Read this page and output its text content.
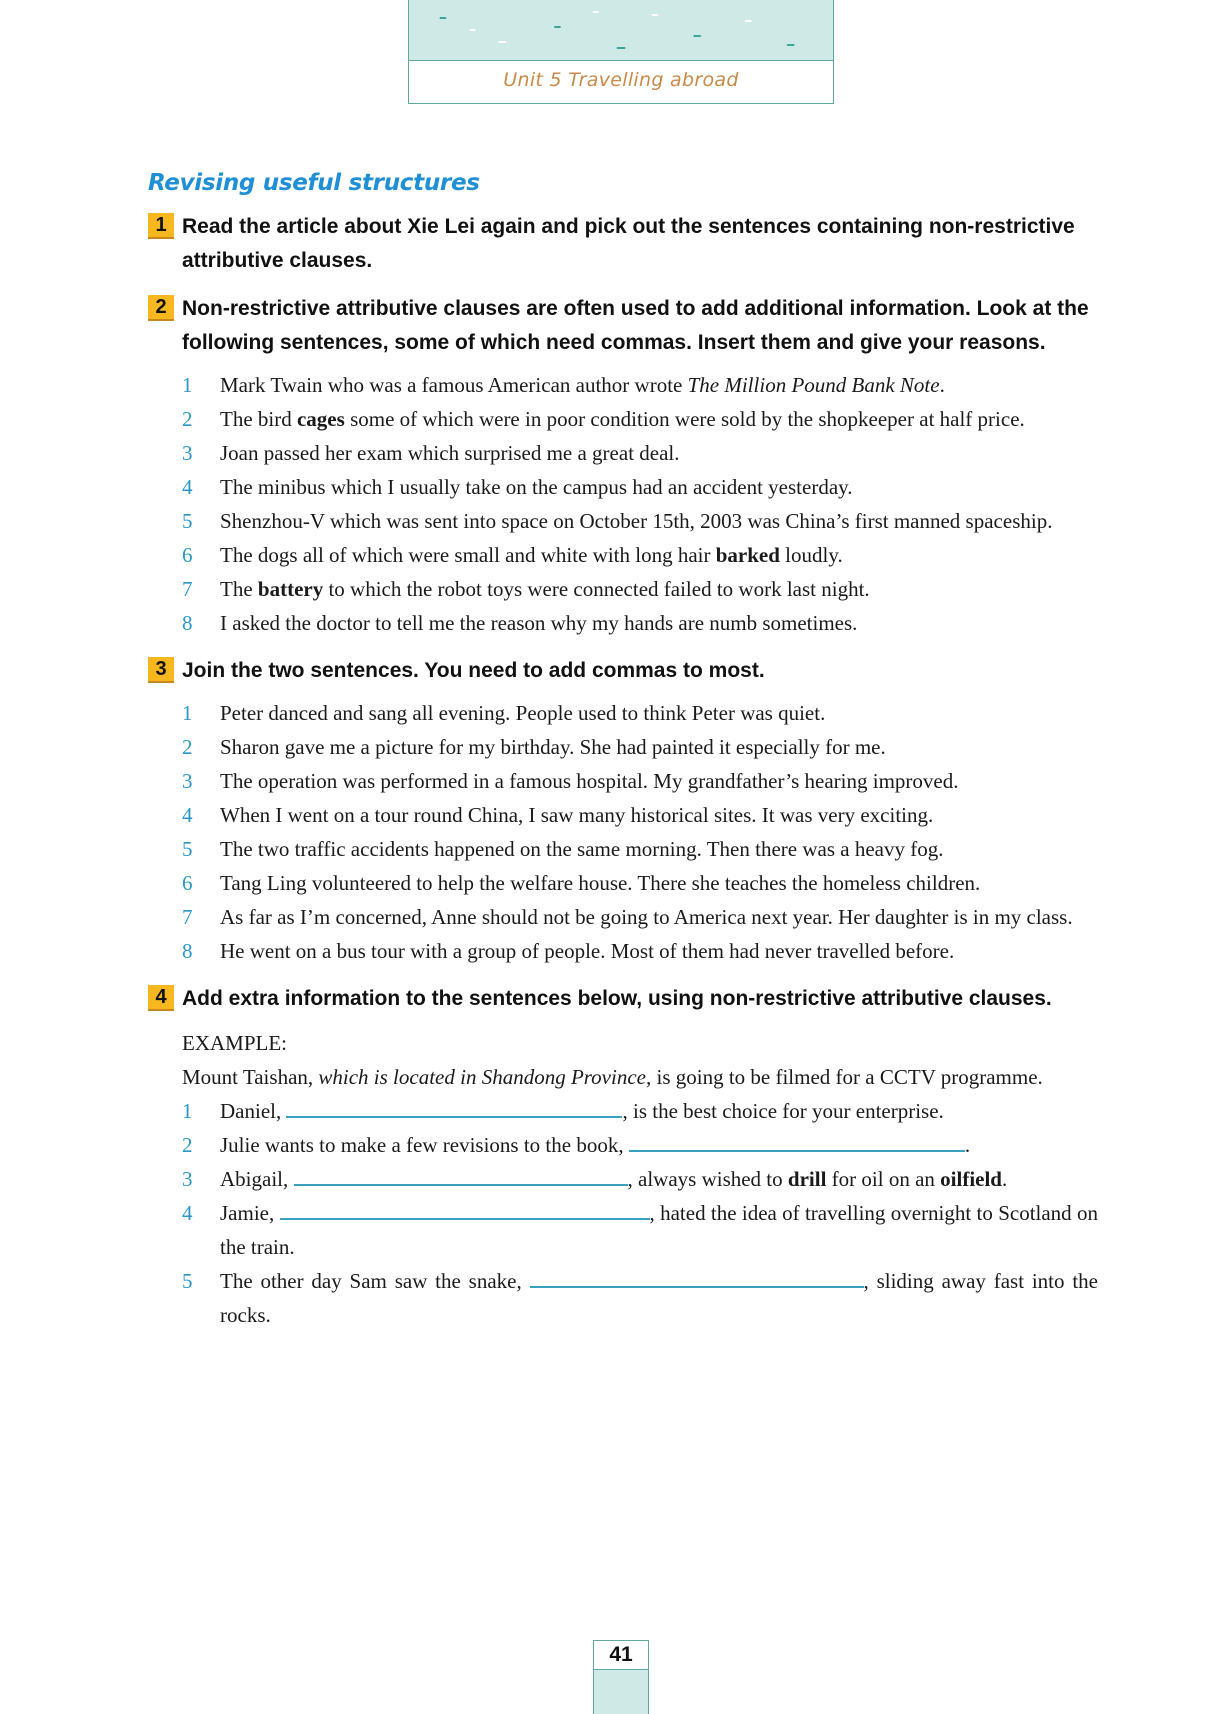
Unit 5 Travelling abroad
Revising useful structures
1 Read the article about Xie Lei again and pick out the sentences containing non-restrictive attributive clauses.
2 Non-restrictive attributive clauses are often used to add additional information. Look at the following sentences, some of which need commas. Insert them and give your reasons.
1	Mark Twain who was a famous American author wrote The Million Pound Bank Note.
2	The bird cages some of which were in poor condition were sold by the shopkeeper at half price.
3	Joan passed her exam which surprised me a great deal.
4	The minibus which I usually take on the campus had an accident yesterday.
5	Shenzhou-V which was sent into space on October 15th, 2003 was China’s first manned spaceship.
6	The dogs all of which were small and white with long hair barked loudly.
7	The battery to which the robot toys were connected failed to work last night.
8	I asked the doctor to tell me the reason why my hands are numb sometimes.
3 Join the two sentences. You need to add commas to most.
1	Peter danced and sang all evening. People used to think Peter was quiet.
2	Sharon gave me a picture for my birthday. She had painted it especially for me.
3	The operation was performed in a famous hospital. My grandfather’s hearing improved.
4	When I went on a tour round China, I saw many historical sites. It was very exciting.
5	The two traffic accidents happened on the same morning. Then there was a heavy fog.
6	Tang Ling volunteered to help the welfare house. There she teaches the homeless children.
7	As far as I’m concerned, Anne should not be going to America next year. Her daughter is in my class.
8	He went on a bus tour with a group of people. Most of them had never travelled before.
4 Add extra information to the sentences below, using non-restrictive attributive clauses.
EXAMPLE:
Mount Taishan, which is located in Shandong Province, is going to be filmed for a CCTV programme.
1	Daniel,	, is the best choice for your enterprise.
2	Julie wants to make a few revisions to the book,	.
3	Abigail,	, always wished to drill for oil on an oilfield.
4	Jamie,	, hated the idea of travelling overnight to Scotland on the train.
5	The other day Sam saw the snake,	, sliding away fast into the rocks.
41
